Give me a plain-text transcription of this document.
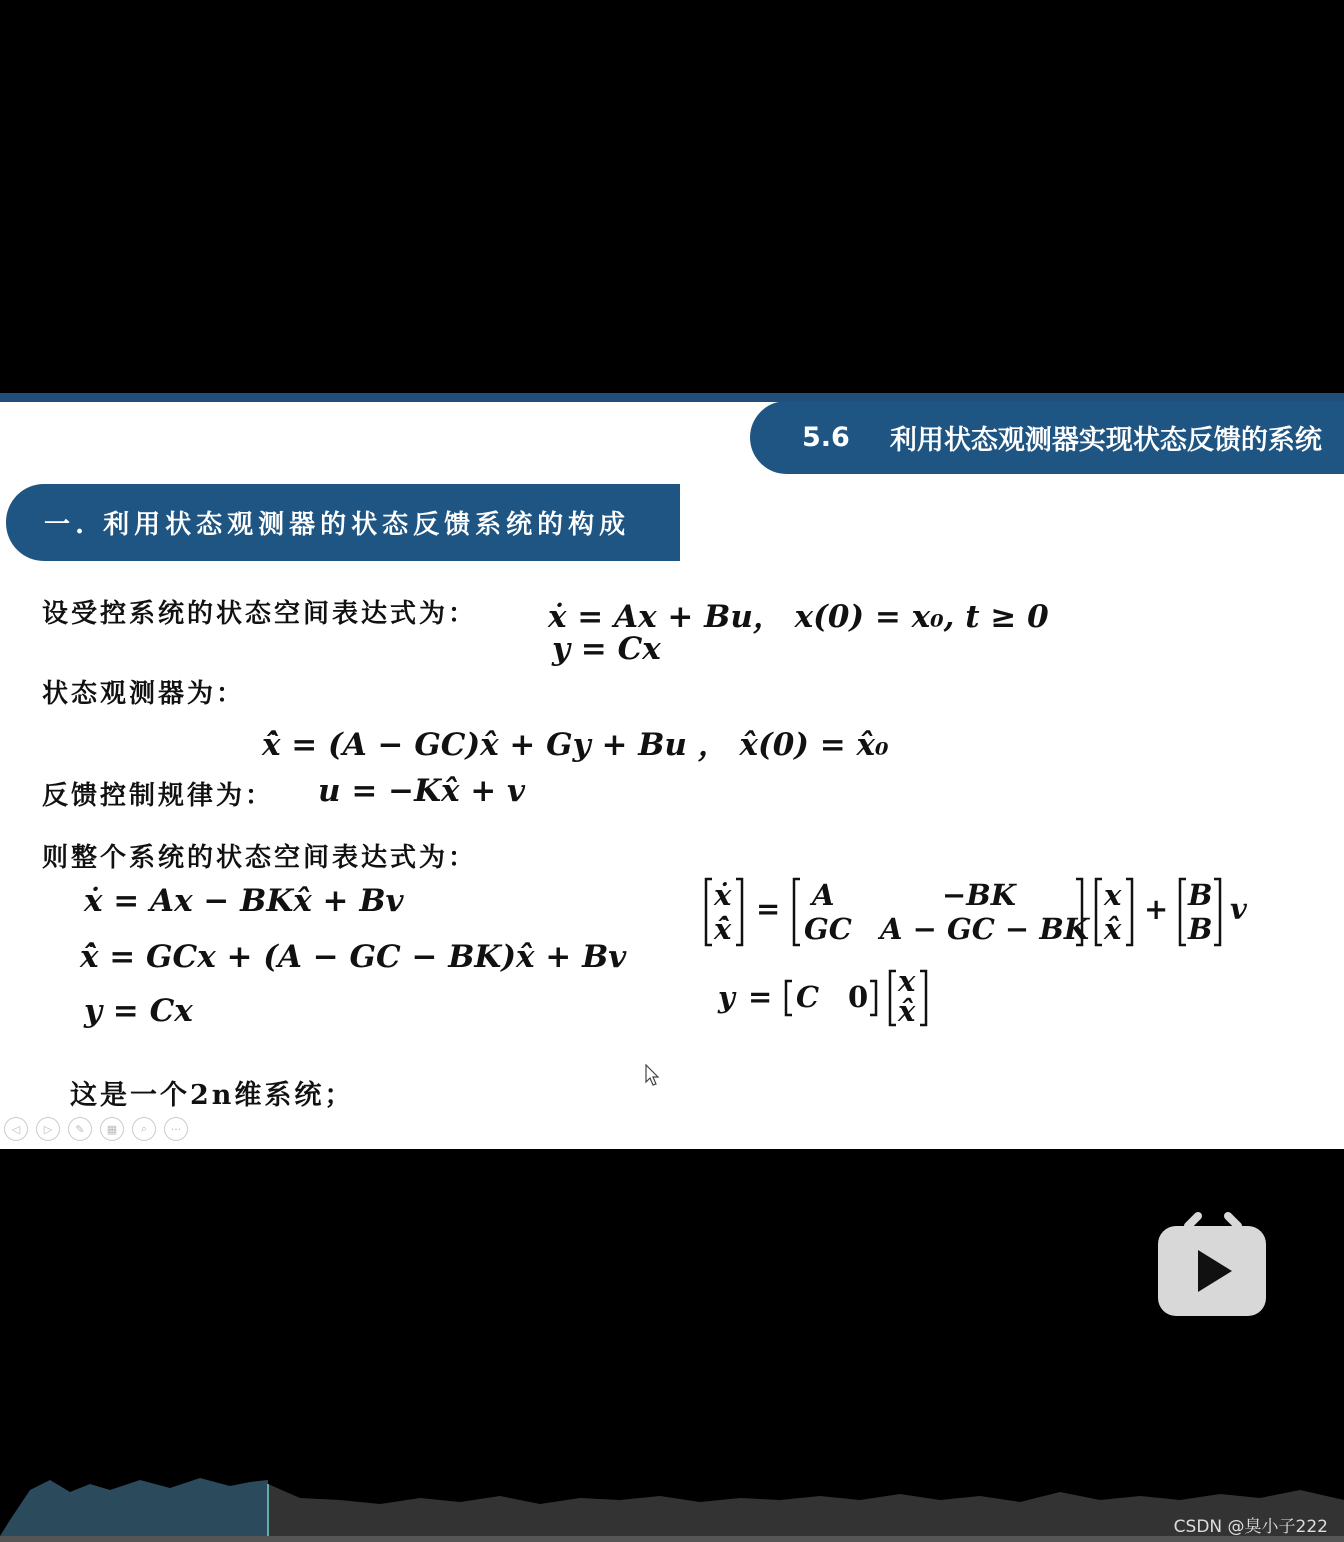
5.6 利用状态观测器实现状态反馈的系统
一. 利用状态观测器的状态反馈系统的构成
设受控系统的状态空间表达式为： ẋ = Ax + Bu， x(0) = x₀, t ≥ 0
y = Cx
状态观测器为：
x̂̇ = (A − GC)x̂ + Gy + Bu ， x̂(0) = x̂₀
反馈控制规律为： u = −Kx̂ + v
则整个系统的状态空间表达式为：
ẋ = Ax − BKx̂ + Bv
x̂̇ = GCx + (A − GC − BK)x̂ + Bv
y = Cx
ẋ
x̂̇
= A
GC
−BK
A − GC − BK
x
x̂
+ B
B
v
y = C 0 x
x̂
这是一个2n维系统；
◁	▷	✎	▦	⌕	···
CSDN @臭小子222
